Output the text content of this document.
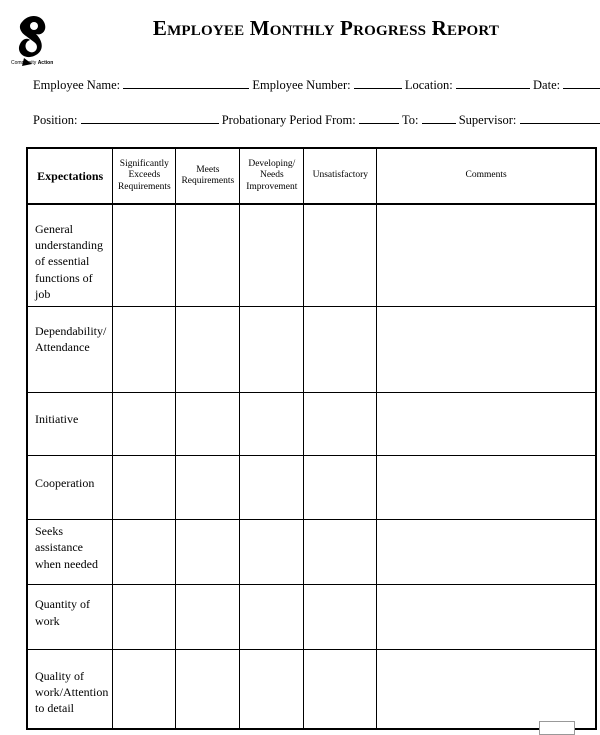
Community Action
Employee Monthly Progress Report
Employee Name:	Employee Number:	Location:	Date:
Position:	Probationary Period From:	To:	Supervisor:
Expectations	Significantly Exceeds Requirements	Meets Requirements	Developing/ Needs Improvement	Unsatisfactory	Comments
General understanding of essential functions of job					
Dependability/ Attendance					
Initiative					
Cooperation					
Seeks assistance when needed					
Quantity of work					
Quality of work/Attention to detail					
